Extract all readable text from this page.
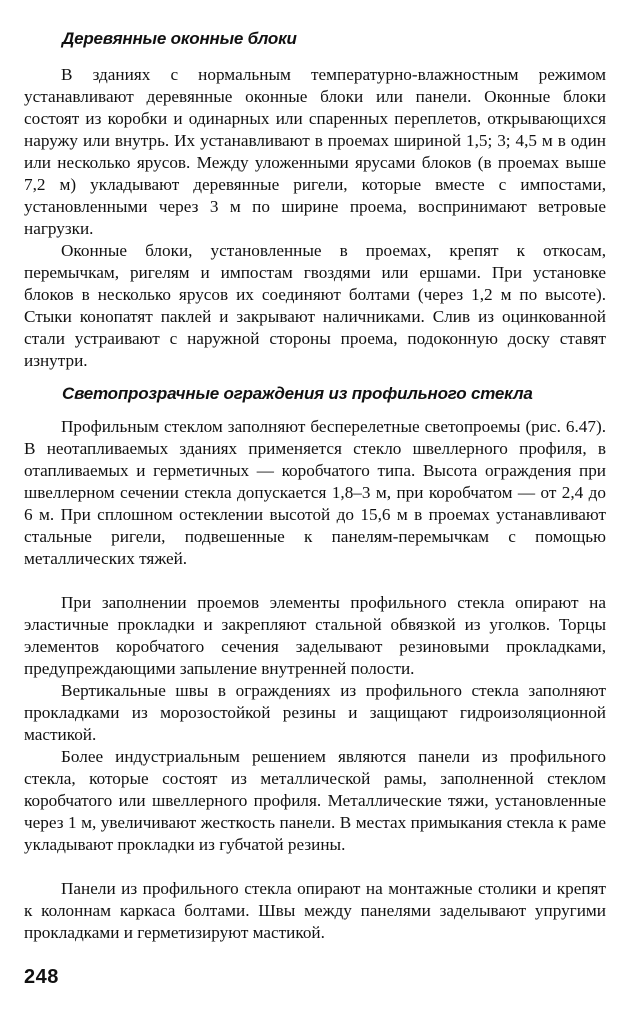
Деревянные оконные блоки

В зданиях с нормальным температурно-влажностным режимом устанавливают деревянные оконные блоки или панели. Оконные блоки состоят из коробки и одинарных или спаренных переплетов, открывающихся наружу или внутрь. Их устанавливают в проемах шириной 1,5; 3; 4,5 м в один или несколько ярусов. Между уложенными ярусами блоков (в проемах выше 7,2 м) укладывают деревянные ригели, которые вместе с импостами, установленными через 3 м по ширине проема, воспринимают ветровые нагрузки.

Оконные блоки, установленные в проемах, крепят к откосам, перемычкам, ригелям и импостам гвоздями или ершами. При установке блоков в несколько ярусов их соединяют болтами (через 1,2 м по высоте). Стыки конопатят паклей и закрывают наличниками. Слив из оцинкованной стали устраивают с наружной стороны проема, подоконную доску ставят изнутри.

Светопрозрачные ограждения из профильного стекла

Профильным стеклом заполняют бесперелетные светопроемы (рис. 6.47). В неотапливаемых зданиях применяется стекло швеллерного профиля, в отапливаемых и герметичных — коробчатого типа. Высота ограждения при швеллерном сечении стекла допускается 1,8–3 м, при коробчатом — от 2,4 до 6 м. При сплошном остеклении высотой до 15,6 м в проемах устанавливают стальные ригели, подвешенные к панелям-перемычкам с помощью металлических тяжей.

При заполнении проемов элементы профильного стекла опирают на эластичные прокладки и закрепляют стальной обвязкой из уголков. Торцы элементов коробчатого сечения заделывают резиновыми прокладками, предупреждающими запыление внутренней полости.

Вертикальные швы в ограждениях из профильного стекла заполняют прокладками из морозостойкой резины и защищают гидроизоляционной мастикой.

Более индустриальным решением являются панели из профильного стекла, которые состоят из металлической рамы, заполненной стеклом коробчатого или швеллерного профиля. Металлические тяжи, установленные через 1 м, увеличивают жесткость панели. В местах примыкания стекла к раме укладывают прокладки из губчатой резины.

Панели из профильного стекла опирают на монтажные столики и крепят к колоннам каркаса болтами. Швы между панелями заделывают упругими прокладками и герметизируют мастикой.

248
